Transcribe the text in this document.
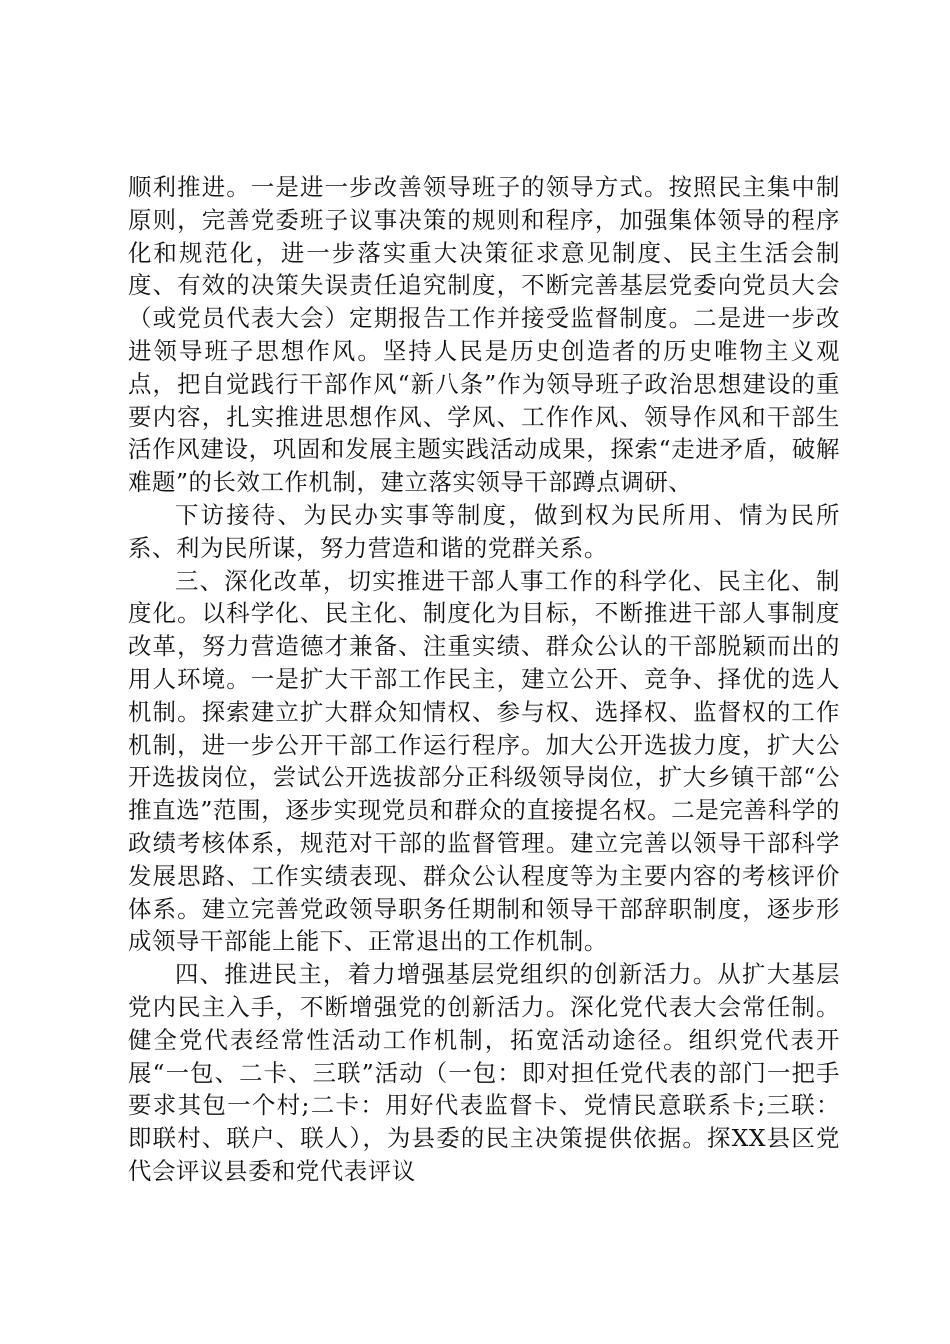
顺利推进。一是进一步改善领导班子的领导方式。按照民主集中制原则，完善党委班子议事决策的规则和程序，加强集体领导的程序化和规范化，进一步落实重大决策征求意见制度、民主生活会制度、有效的决策失误责任追究制度，不断完善基层党委向党员大会（或党员代表大会）定期报告工作并接受监督制度。二是进一步改进领导班子思想作风。坚持人民是历史创造者的历史唯物主义观点，把自觉践行干部作风“新八条”作为领导班子政治思想建设的重要内容，扎实推进思想作风、学风、工作作风、领导作风和干部生活作风建设，巩固和发展主题实践活动成果，探索“走进矛盾，破解难题”的长效工作机制，建立落实领导干部蹲点调研、

下访接待、为民办实事等制度，做到权为民所用、情为民所系、利为民所谋，努力营造和谐的党群关系。

三、深化改革，切实推进干部人事工作的科学化、民主化、制度化。以科学化、民主化、制度化为目标，不断推进干部人事制度改革，努力营造德才兼备、注重实绩、群众公认的干部脱颖而出的用人环境。一是扩大干部工作民主，建立公开、竞争、择优的选人机制。探索建立扩大群众知情权、参与权、选择权、监督权的工作机制，进一步公开干部工作运行程序。加大公开选拔力度，扩大公开选拔岗位，尝试公开选拔部分正科级领导岗位，扩大乡镇干部“公推直选”范围，逐步实现党员和群众的直接提名权。二是完善科学的政绩考核体系，规范对干部的监督管理。建立完善以领导干部科学发展思路、工作实绩表现、群众公认程度等为主要内容的考核评价体系。建立完善党政领导职务任期制和领导干部辞职制度，逐步形成领导干部能上能下、正常退出的工作机制。

四、推进民主，着力增强基层党组织的创新活力。从扩大基层党内民主入手，不断增强党的创新活力。深化党代表大会常任制。健全党代表经常性活动工作机制，拓宽活动途径。组织党代表开展“一包、二卡、三联”活动（一包：即对担任党代表的部门一把手要求其包一个村;二卡：用好代表监督卡、党情民意联系卡;三联：即联村、联户、联人），为县委的民主决策提供依据。探XX县区党代会评议县委和党代表评议
